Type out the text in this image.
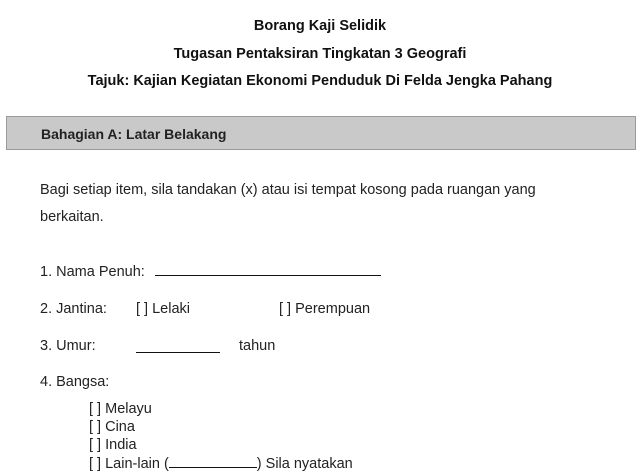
Borang Kaji Selidik
Tugasan Pentaksiran Tingkatan 3 Geografi
Tajuk: Kajian Kegiatan Ekonomi Penduduk Di Felda Jengka Pahang
Bahagian A: Latar Belakang
Bagi setiap item, sila tandakan (x) atau isi tempat kosong pada ruangan yang
berkaitan.
1. Nama Penuh:
2. Jantina: [ ] Lelaki	[ ] Perempuan
3. Umur:	tahun
4. Bangsa:
[ ] Melayu
[ ] Cina
[ ] India
[ ] Lain-lain (	) Sila nyatakan
